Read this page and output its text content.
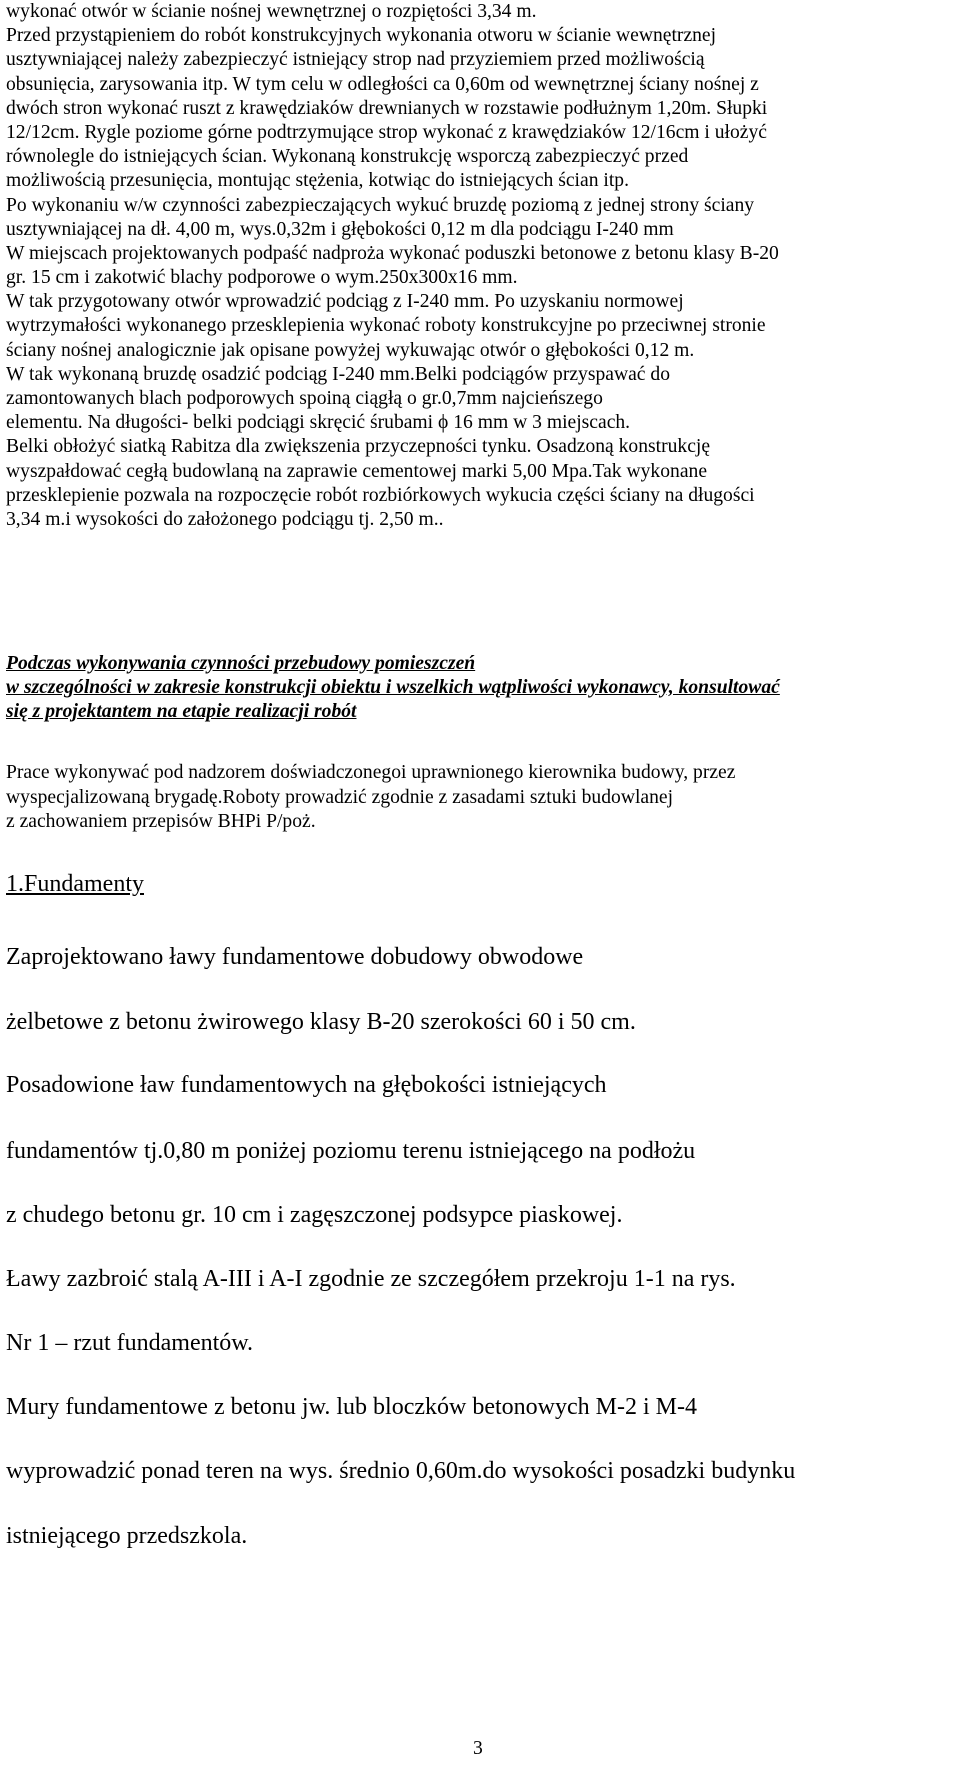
wykonać otwór w ścianie nośnej wewnętrznej o rozpiętości 3,34 m.
Przed przystąpieniem do robót konstrukcyjnych wykonania otworu w ścianie wewnętrznej
usztywniającej należy zabezpieczyć istniejący strop nad przyziemiem przed możliwością
obsunięcia, zarysowania itp. W tym celu w odległości ca 0,60m od wewnętrznej ściany nośnej z
dwóch stron wykonać ruszt z krawędziaków drewnianych w rozstawie podłużnym 1,20m. Słupki
12/12cm. Rygle poziome górne podtrzymujące strop wykonać z krawędziaków 12/16cm i ułożyć
równolegle do istniejących ścian. Wykonaną konstrukcję wsporczą zabezpieczyć przed
możliwością przesunięcia, montując stężenia, kotwiąc do istniejących ścian itp.
Po wykonaniu w/w czynności zabezpieczających wykuć bruzdę poziomą z jednej strony ściany
usztywniającej na dł. 4,00 m, wys.0,32m i głębokości 0,12 m dla podciągu I-240 mm
W miejscach projektowanych podpaść nadproża wykonać poduszki betonowe z betonu klasy B-20
gr. 15 cm i zakotwić blachy podporowe o wym.250x300x16 mm.
W tak przygotowany otwór wprowadzić podciąg z I-240 mm. Po uzyskaniu normowej
wytrzymałości wykonanego przesklepienia wykonać roboty konstrukcyjne po przeciwnej stronie
ściany nośnej analogicznie jak opisane powyżej wykuwając otwór o głębokości 0,12 m.
W tak wykonaną bruzdę osadzić podciąg I-240 mm.Belki podciągów przyspawać do
zamontowanych blach podporowych spoiną ciągłą o gr.0,7mm najcieńszego
elementu. Na długości- belki podciągi skręcić śrubami ϕ 16 mm w 3 miejscach.
Belki obłożyć siatką Rabitza dla zwiększenia przyczepności tynku. Osadzoną konstrukcję
wyszpałdować cegłą budowlaną na zaprawie cementowej marki 5,00 Mpa.Tak wykonane
przesklepienie pozwala na rozpoczęcie robót rozbiórkowych wykucia części ściany na długości
3,34 m.i wysokości do założonego podciągu tj. 2,50 m..
Podczas wykonywania czynności przebudowy pomieszczeń
w szczególności w zakresie konstrukcji obiektu i wszelkich wątpliwości wykonawcy, konsultować
się z projektantem na etapie realizacji robót
Prace wykonywać pod nadzorem doświadczonegoi uprawnionego kierownika budowy, przez
wyspecjalizowaną brygadę.Roboty prowadzić zgodnie z zasadami sztuki budowlanej
z zachowaniem przepisów BHPi P/poż.
1.Fundamenty
Zaprojektowano ławy fundamentowe dobudowy obwodowe
żelbetowe z betonu żwirowego klasy B-20 szerokości 60 i 50 cm.
Posadowione ław fundamentowych na głębokości istniejących
fundamentów tj.0,80 m poniżej poziomu terenu istniejącego na podłożu
z chudego betonu gr. 10 cm i zagęszczonej podsypce piaskowej.
Ławy zazbroić stalą A-III i A-I zgodnie ze szczegółem przekroju 1-1 na rys.
Nr 1 – rzut fundamentów.
Mury fundamentowe z betonu jw. lub bloczków betonowych M-2 i M-4
wyprowadzić ponad teren na wys. średnio 0,60m.do wysokości posadzki budynku
istniejącego przedszkola.
3
